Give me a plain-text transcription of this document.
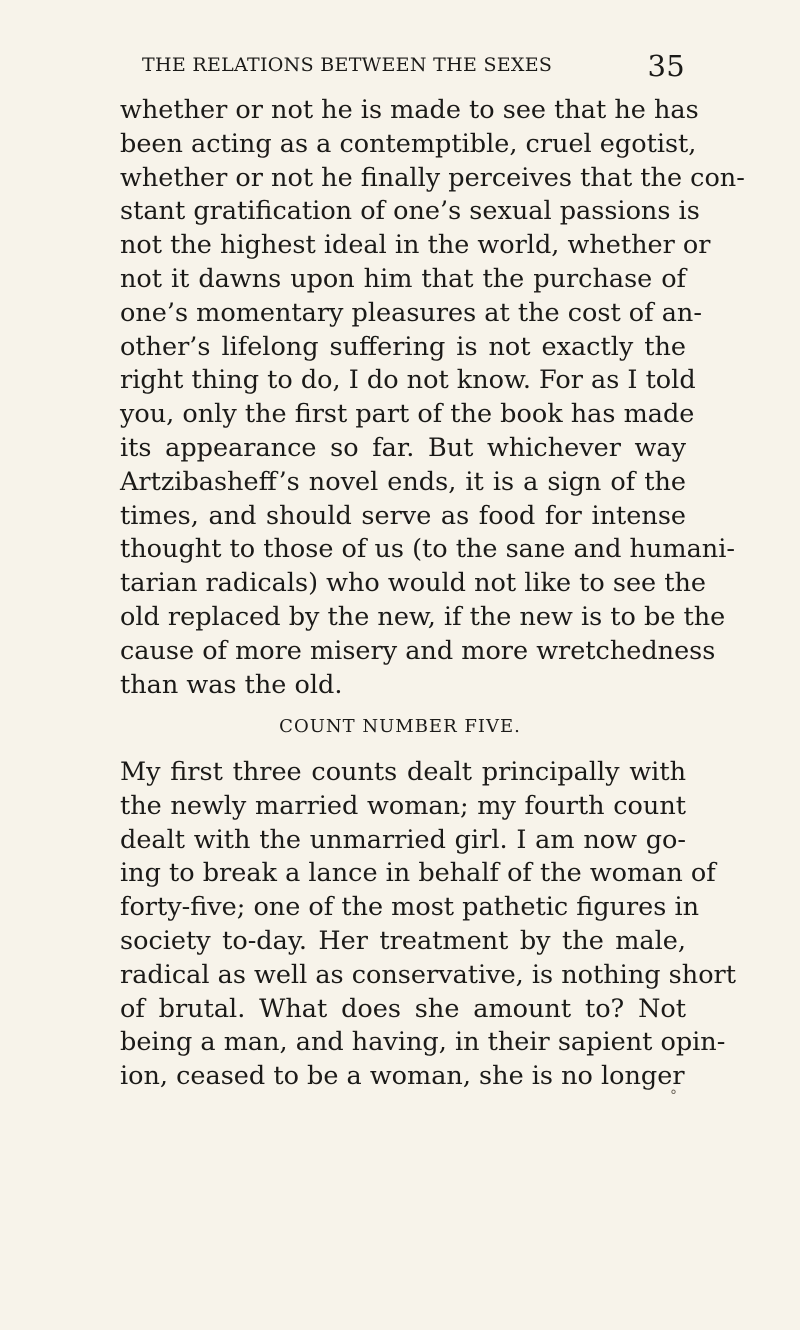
THE RELATIONS BETWEEN THE SEXES	35
whether or not he is made to see that he has
been acting as a contemptible, cruel egotist,
whether or not he finally perceives that the con-
stant gratification of one’s sexual passions is
not the highest ideal in the world, whether or
not it dawns upon him that the purchase of
one’s momentary pleasures at the cost of an-
other’s lifelong suffering is not exactly the
right thing to do, I do not know. For as I told
you, only the first part of the book has made
its appearance so far. But whichever way
Artzibasheff’s novel ends, it is a sign of the
times, and should serve as food for intense
thought to those of us (to the sane and humani-
tarian radicals) who would not like to see the
old replaced by the new, if the new is to be the
cause of more misery and more wretchedness
than was the old.
COUNT NUMBER FIVE.
My first three counts dealt principally with
the newly married woman; my fourth count
dealt with the unmarried girl. I am now go-
ing to break a lance in behalf of the woman of
forty-five; one of the most pathetic figures in
society to-day. Her treatment by the male,
radical as well as conservative, is nothing short
of brutal. What does she amount to? Not
being a man, and having, in their sapient opin-
ion, ceased to be a woman, she is no longer
°
